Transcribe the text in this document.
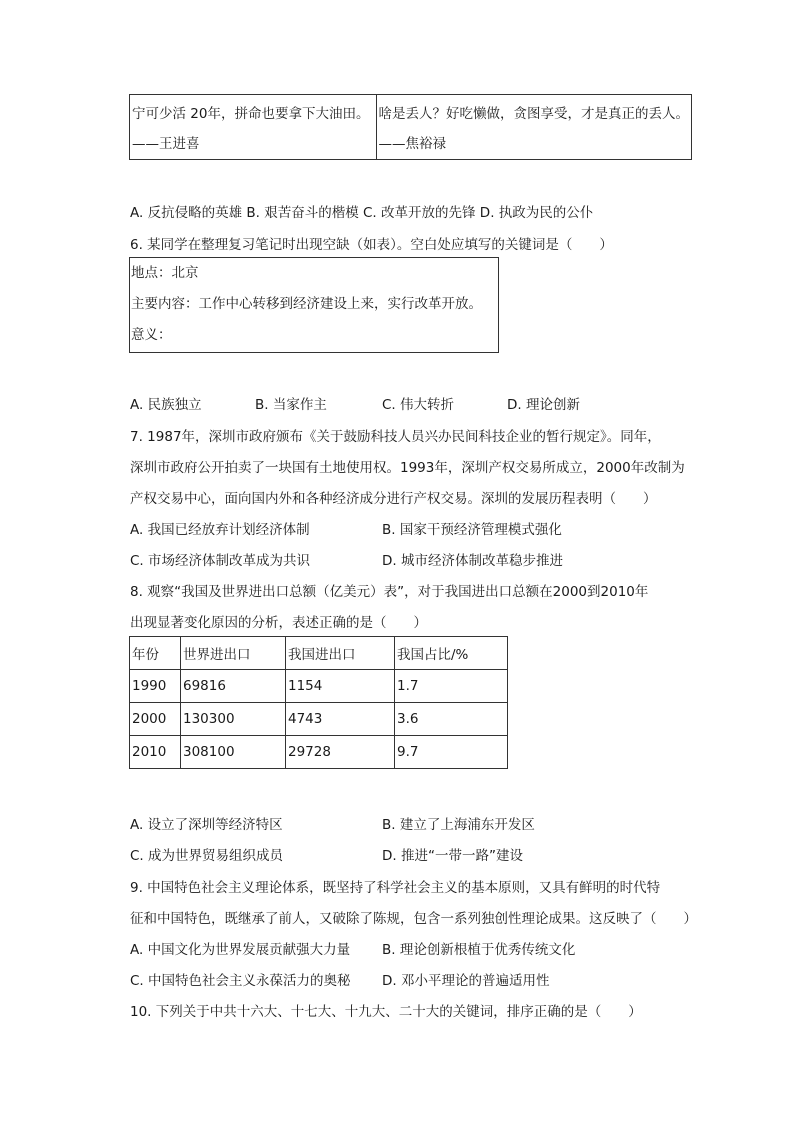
宁可少活 20年，拼命也要拿下大油田。
——王进喜

啥是丢人？好吃懒做，贪图享受，才是真正的丢人。
——焦裕禄
A. 反抗侵略的英雄 B. 艰苦奋斗的楷模 C. 改革开放的先锋 D. 执政为民的公仆
6. 某同学在整理复习笔记时出现空缺（如表）。空白处应填写的关键词是（　　）
地点：北京
主要内容：工作中心转移到经济建设上来，实行改革开放。
意义：
A. 民族独立	B. 当家作主	C. 伟大转折	D. 理论创新
7. 1987年，深圳市政府颁布《关于鼓励科技人员兴办民间科技企业的暂行规定》。同年，
深圳市政府公开拍卖了一块国有土地使用权。1993年，深圳产权交易所成立，2000年改制为
产权交易中心，面向国内外和各种经济成分进行产权交易。深圳的发展历程表明（　　）
A. 我国已经放弃计划经济体制	B. 国家干预经济管理模式强化
C. 市场经济体制改革成为共识	D. 城市经济体制改革稳步推进
8. 观察“我国及世界进出口总额（亿美元）表”，对于我国进出口总额在2000到2010年
出现显著变化原因的分析，表述正确的是（　　）
年份	世界进出口	我国进出口	我国占比/%
1990	69816	1154	1.7
2000	130300	4743	3.6
2010	308100	29728	9.7
A. 设立了深圳等经济特区	B. 建立了上海浦东开发区
C. 成为世界贸易组织成员	D. 推进“一带一路”建设
9. 中国特色社会主义理论体系，既坚持了科学社会主义的基本原则，又具有鲜明的时代特
征和中国特色，既继承了前人，又破除了陈规，包含一系列独创性理论成果。这反映了（　　）
A. 中国文化为世界发展贡献强大力量 B. 理论创新根植于优秀传统文化
C. 中国特色社会主义永葆活力的奥秘 D. 邓小平理论的普遍适用性
10. 下列关于中共十六大、十七大、十九大、二十大的关键词，排序正确的是（　　）
